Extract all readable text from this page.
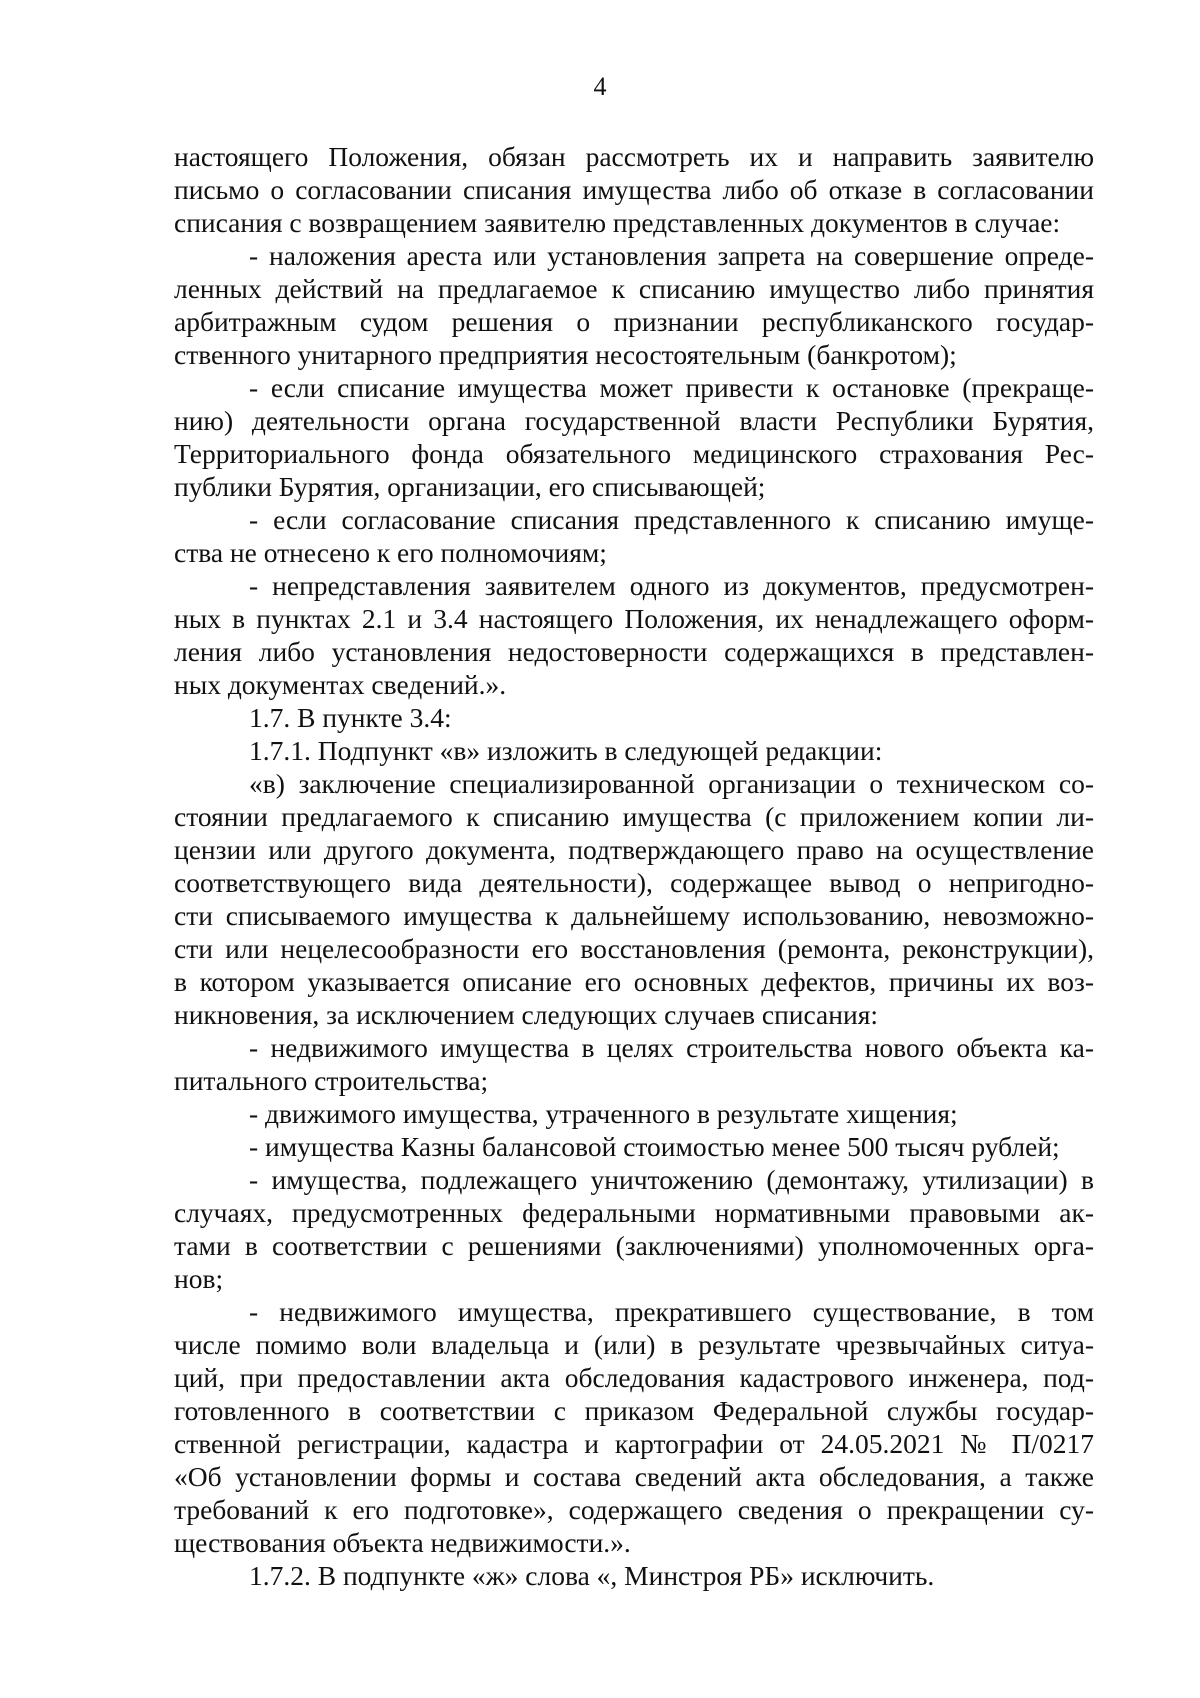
4
настоящего Положения, обязан рассмотреть их и направить заявителю
письмо о согласовании списания имущества либо об отказе в согласовании
списания с возвращением заявителю представленных документов в случае:
- наложения ареста или установления запрета на совершение опреде-
ленных действий на предлагаемое к списанию имущество либо принятия
арбитражным судом решения о признании республиканского государ-
ственного унитарного предприятия несостоятельным (банкротом);
- если списание имущества может привести к остановке (прекраще-
нию) деятельности органа государственной власти Республики Бурятия,
Территориального фонда обязательного медицинского страхования Рес-
публики Бурятия, организации, его списывающей;
- если согласование списания представленного к списанию имуще-
ства не отнесено к его полномочиям;
- непредставления заявителем одного из документов, предусмотрен-
ных в пунктах 2.1 и 3.4 настоящего Положения, их ненадлежащего оформ-
ления либо установления недостоверности содержащихся в представлен-
ных документах сведений.».
1.7. В пункте 3.4:
1.7.1. Подпункт «в» изложить в следующей редакции:
«в) заключение специализированной организации о техническом со-
стоянии предлагаемого к списанию имущества (с приложением копии ли-
цензии или другого документа, подтверждающего право на осуществление
соответствующего вида деятельности), содержащее вывод о непригодно-
сти списываемого имущества к дальнейшему использованию, невозможно-
сти или нецелесообразности его восстановления (ремонта, реконструкции),
в котором указывается описание его основных дефектов, причины их воз-
никновения, за исключением следующих случаев списания:
- недвижимого имущества в целях строительства нового объекта ка-
питального строительства;
- движимого имущества, утраченного в результате хищения;
- имущества Казны балансовой стоимостью менее 500 тысяч рублей;
- имущества, подлежащего уничтожению (демонтажу, утилизации) в
случаях, предусмотренных федеральными нормативными правовыми ак-
тами в соответствии с решениями (заключениями) уполномоченных орга-
нов;
- недвижимого имущества, прекратившего существование, в том
числе помимо воли владельца и (или) в результате чрезвычайных ситуа-
ций, при предоставлении акта обследования кадастрового инженера, под-
готовленного в соответствии с приказом Федеральной службы государ-
ственной регистрации, кадастра и картографии от 24.05.2021 № П/0217
«Об установлении формы и состава сведений акта обследования, а также
требований к его подготовке», содержащего сведения о прекращении су-
ществования объекта недвижимости.».
1.7.2. В подпункте «ж» слова «, Минстроя РБ» исключить.
